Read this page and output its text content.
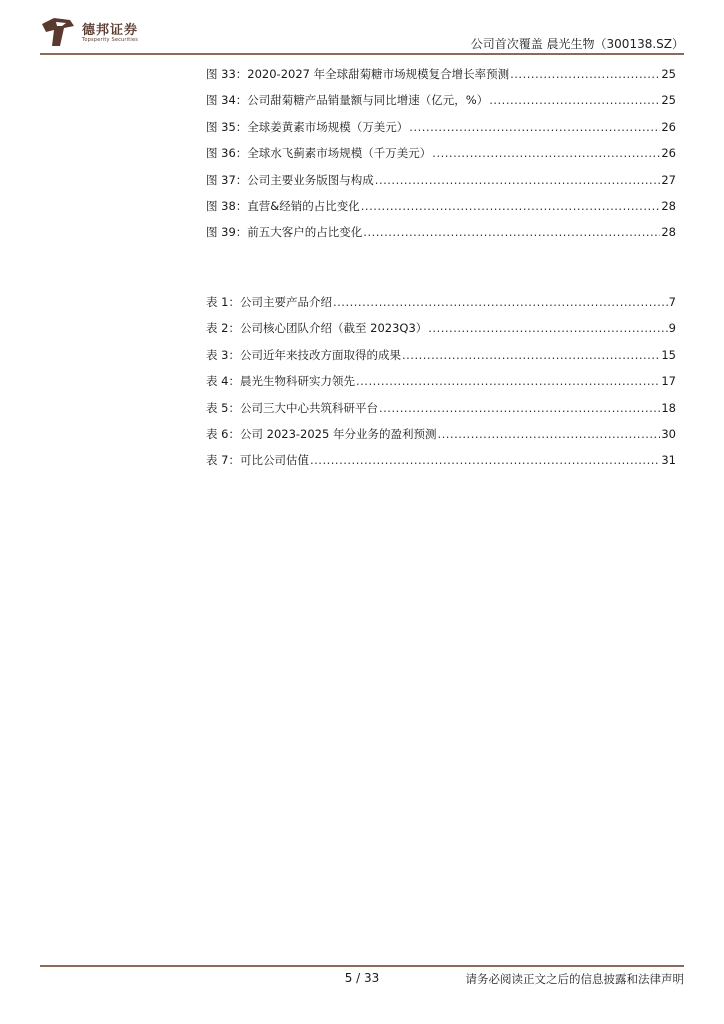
德邦证券
Topsperity Securities	公司首次覆盖 晨光生物（300138.SZ）
图 33：2020-2027 年全球甜菊糖市场规模复合增长率预测 .....	25
图 34：公司甜菊糖产品销量额与同比增速（亿元，%） .....	25
图 35：全球姜黄素市场规模（万美元） .....	26
图 36：全球水飞蓟素市场规模（千万美元） .....	26
图 37：公司主要业务版图与构成 .....	27
图 38：直营&经销的占比变化 .....	28
图 39：前五大客户的占比变化 .....	28
表 1：公司主要产品介绍 .....	7
表 2：公司核心团队介绍（截至 2023Q3） .....	9
表 3：公司近年来技改方面取得的成果 .....	15
表 4：晨光生物科研实力领先 .....	17
表 5：公司三大中心共筑科研平台 .....	18
表 6：公司 2023-2025 年分业务的盈利预测 .....	30
表 7：可比公司估值 .....	31
5 / 33	请务必阅读正文之后的信息披露和法律声明
